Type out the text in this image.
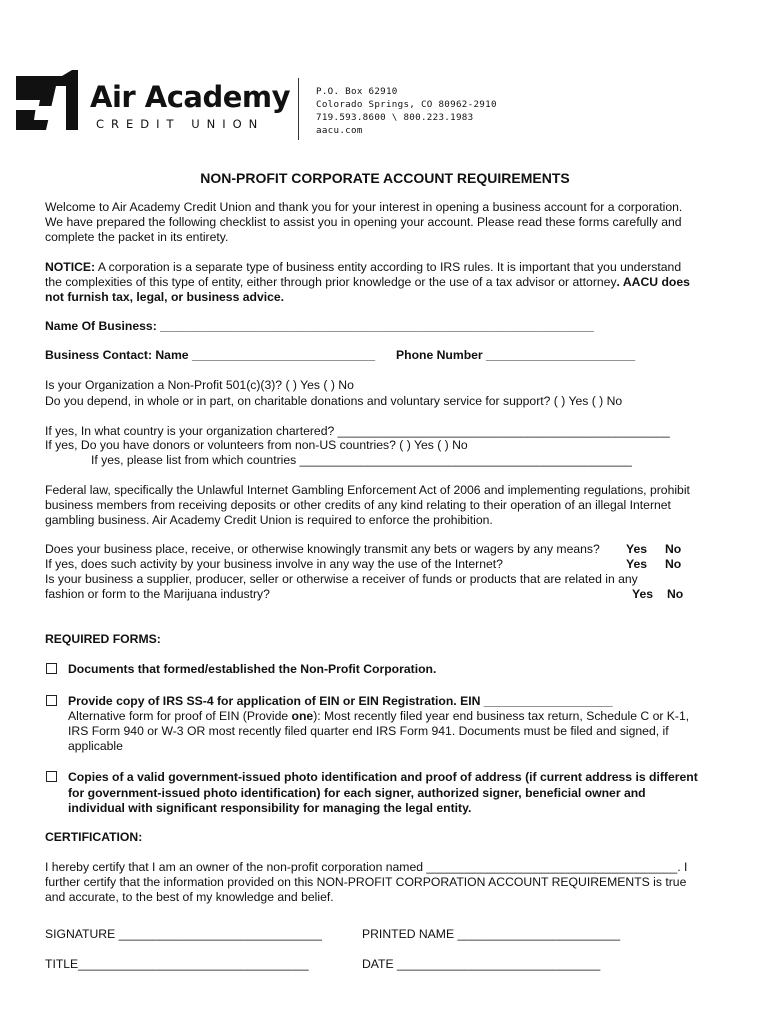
Air Academy
CREDIT UNION
P.O. Box 62910
Colorado Springs, CO 80962-2910
719.593.8600 \ 800.223.1983
aacu.com
NON-PROFIT CORPORATE ACCOUNT REQUIREMENTS
Welcome to Air Academy Credit Union and thank you for your interest in opening a business account for a corporation.
We have prepared the following checklist to assist you in opening your account. Please read these forms carefully and
complete the packet in its entirety.
NOTICE: A corporation is a separate type of business entity according to IRS rules. It is important that you understand
the complexities of this type of entity, either through prior knowledge or the use of a tax advisor or attorney. AACU does
not furnish tax, legal, or business advice.
Name Of Business: ________________________________________________________________
Business Contact: Name ___________________________ Phone Number ______________________
Is your Organization a Non-Profit 501(c)(3)? ( ) Yes ( ) No
Do you depend, in whole or in part, on charitable donations and voluntary service for support? ( ) Yes ( ) No
If yes, In what country is your organization chartered? _________________________________________________
If yes, Do you have donors or volunteers from non-US countries? ( ) Yes ( ) No
If yes, please list from which countries _________________________________________________
Federal law, specifically the Unlawful Internet Gambling Enforcement Act of 2006 and implementing regulations, prohibit
business members from receiving deposits or other credits of any kind relating to their operation of an illegal Internet
gambling business. Air Academy Credit Union is required to enforce the prohibition.
Does your business place, receive, or otherwise knowingly transmit any bets or wagers by any means? Yes No
If yes, does such activity by your business involve in any way the use of the Internet?	Yes No
Is your business a supplier, producer, seller or otherwise a receiver of funds or products that are related in any
fashion or form to the Marijuana industry?	Yes No
REQUIRED FORMS:
Documents that formed/established the Non-Profit Corporation.
Provide copy of IRS SS-4 for application of EIN or EIN Registration. EIN ___________________
Alternative form for proof of EIN (Provide one): Most recently filed year end business tax return, Schedule C or K-1,
IRS Form 940 or W-3 OR most recently filed quarter end IRS Form 941. Documents must be filed and signed, if
applicable
Copies of a valid government-issued photo identification and proof of address (if current address is different
for government-issued photo identification) for each signer, authorized signer, beneficial owner and
individual with significant responsibility for managing the legal entity.
CERTIFICATION:
I hereby certify that I am an owner of the non-profit corporation named _____________________________________. I
further certify that the information provided on this NON-PROFIT CORPORATION ACCOUNT REQUIREMENTS is true
and accurate, to the best of my knowledge and belief.
SIGNATURE ______________________________	PRINTED NAME ________________________
TITLE__________________________________	DATE ______________________________
